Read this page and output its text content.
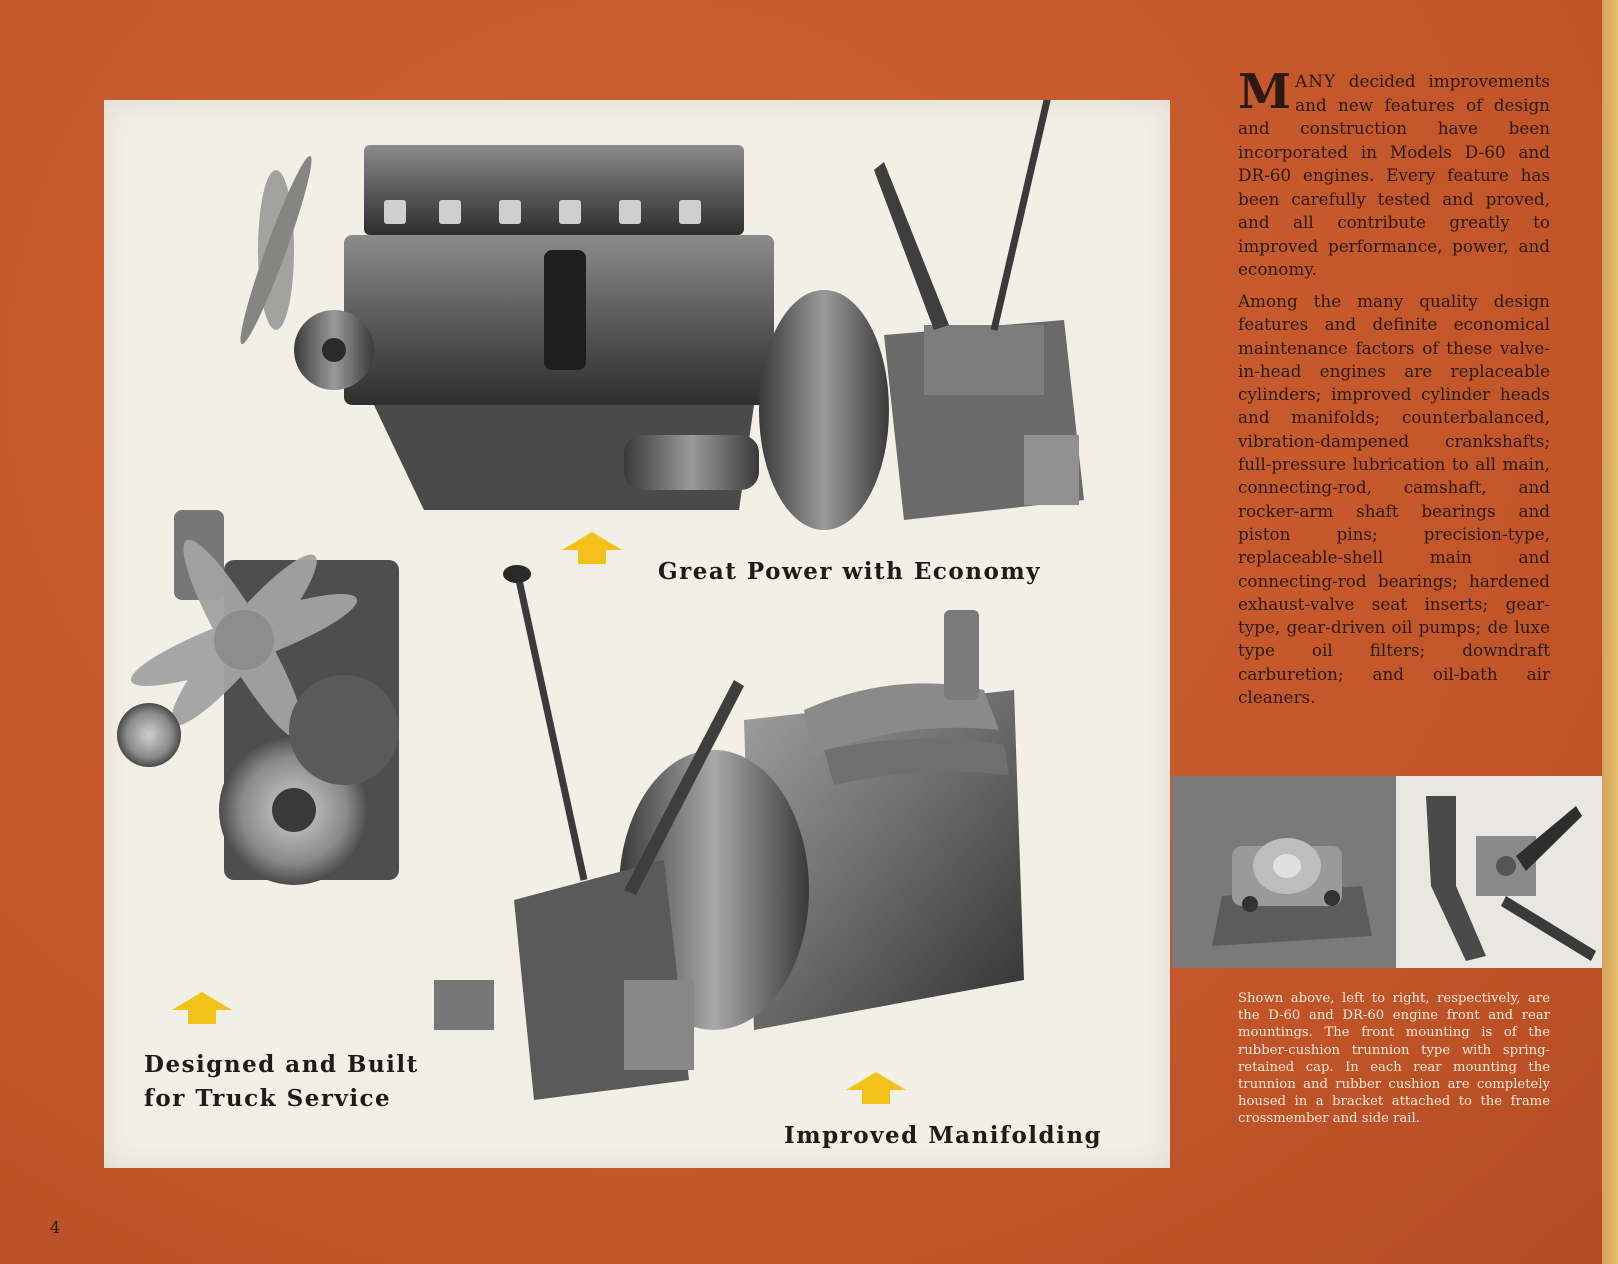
Great Power with Economy
Designed and Built
for Truck Service
Improved Manifolding
MANY decided improvements and new features of design and construction have been incorporated in Models D-60 and DR-60 engines. Every feature has been carefully tested and proved, and all contribute greatly to improved performance, power, and economy.
Among the many quality design features and definite economical maintenance factors of these valve-in-head engines are replaceable cylinders; improved cylinder heads and manifolds; counterbalanced, vibration-dampened crankshafts; full-pressure lubrication to all main, connecting-rod, camshaft, and rocker-arm shaft bearings and piston pins; precision-type, replaceable-shell main and connecting-rod bearings; hardened exhaust-valve seat inserts; gear-type, gear-driven oil pumps; de luxe type oil filters; downdraft carburetion; and oil-bath air cleaners.
Shown above, left to right, respectively, are the D-60 and DR-60 engine front and rear mountings. The front mounting is of the rubber-cushion trunnion type with spring-retained cap. In each rear mounting the trunnion and rubber cushion are completely housed in a bracket attached to the frame crossmember and side rail.
4
